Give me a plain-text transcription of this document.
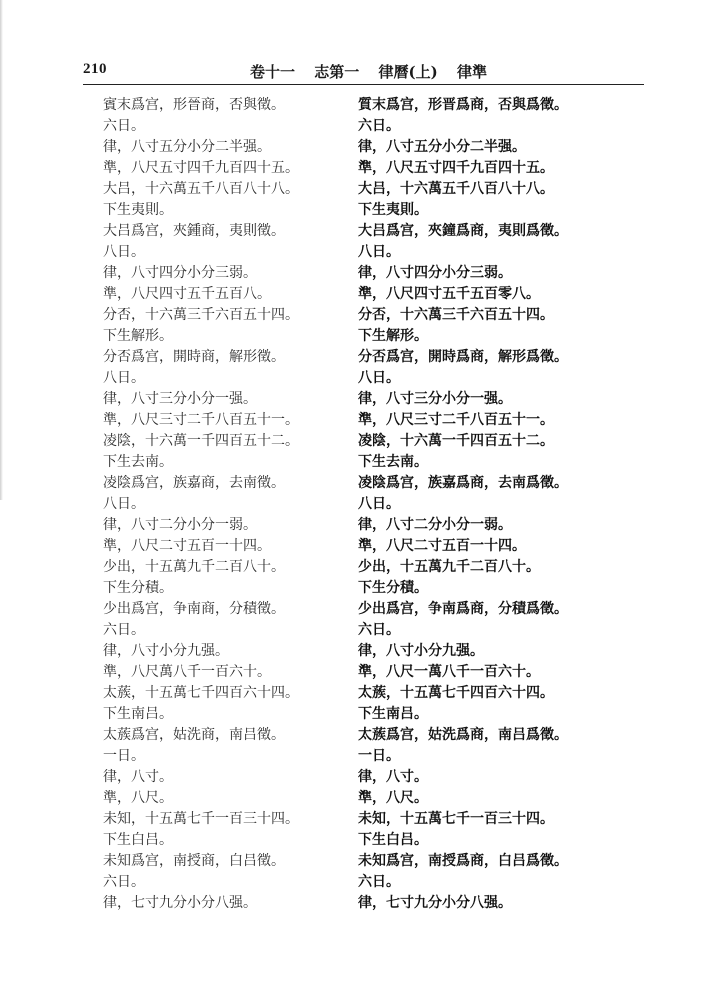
210	卷十一 志第一 律曆(上) 律準
賓末爲宫，形晉商，否與徵。
六日。
律，八寸五分小分二半强。
準，八尺五寸四千九百四十五。
大吕，十六萬五千八百八十八。
下生夷則。
大吕爲宫，夾鍾商，夷則徵。
八日。
律，八寸四分小分三弱。
準，八尺四寸五千五百八。
分否，十六萬三千六百五十四。
下生解形。
分否爲宫，開時商，解形徵。
八日。
律，八寸三分小分一强。
準，八尺三寸二千八百五十一。
凌陰，十六萬一千四百五十二。
下生去南。
凌陰爲宫，族嘉商，去南徵。
八日。
律，八寸二分小分一弱。
準，八尺二寸五百一十四。
少出，十五萬九千二百八十。
下生分積。
少出爲宫，争南商，分積徵。
六日。
律，八寸小分九强。
準，八尺萬八千一百六十。
太蔟，十五萬七千四百六十四。
下生南吕。
太蔟爲宫，姑洗商，南吕徵。
一日。
律，八寸。
準，八尺。
未知，十五萬七千一百三十四。
下生白吕。
未知爲宫，南授商，白吕徵。
六日。
律，七寸九分小分八强。
質末爲宫，形晋爲商，否與爲徵。
六日。
律，八寸五分小分二半强。
準，八尺五寸四千九百四十五。
大吕，十六萬五千八百八十八。
下生夷則。
大吕爲宫，夾鐘爲商，夷則爲徵。
八日。
律，八寸四分小分三弱。
準，八尺四寸五千五百零八。
分否，十六萬三千六百五十四。
下生解形。
分否爲宫，開時爲商，解形爲徵。
八日。
律，八寸三分小分一强。
準，八尺三寸二千八百五十一。
凌陰，十六萬一千四百五十二。
下生去南。
凌陰爲宫，族嘉爲商，去南爲徵。
八日。
律，八寸二分小分一弱。
準，八尺二寸五百一十四。
少出，十五萬九千二百八十。
下生分積。
少出爲宫，争南爲商，分積爲徵。
六日。
律，八寸小分九强。
準，八尺一萬八千一百六十。
太蔟，十五萬七千四百六十四。
下生南吕。
太蔟爲宫，姑洗爲商，南吕爲徵。
一日。
律，八寸。
準，八尺。
未知，十五萬七千一百三十四。
下生白吕。
未知爲宫，南授爲商，白吕爲徵。
六日。
律，七寸九分小分八强。
